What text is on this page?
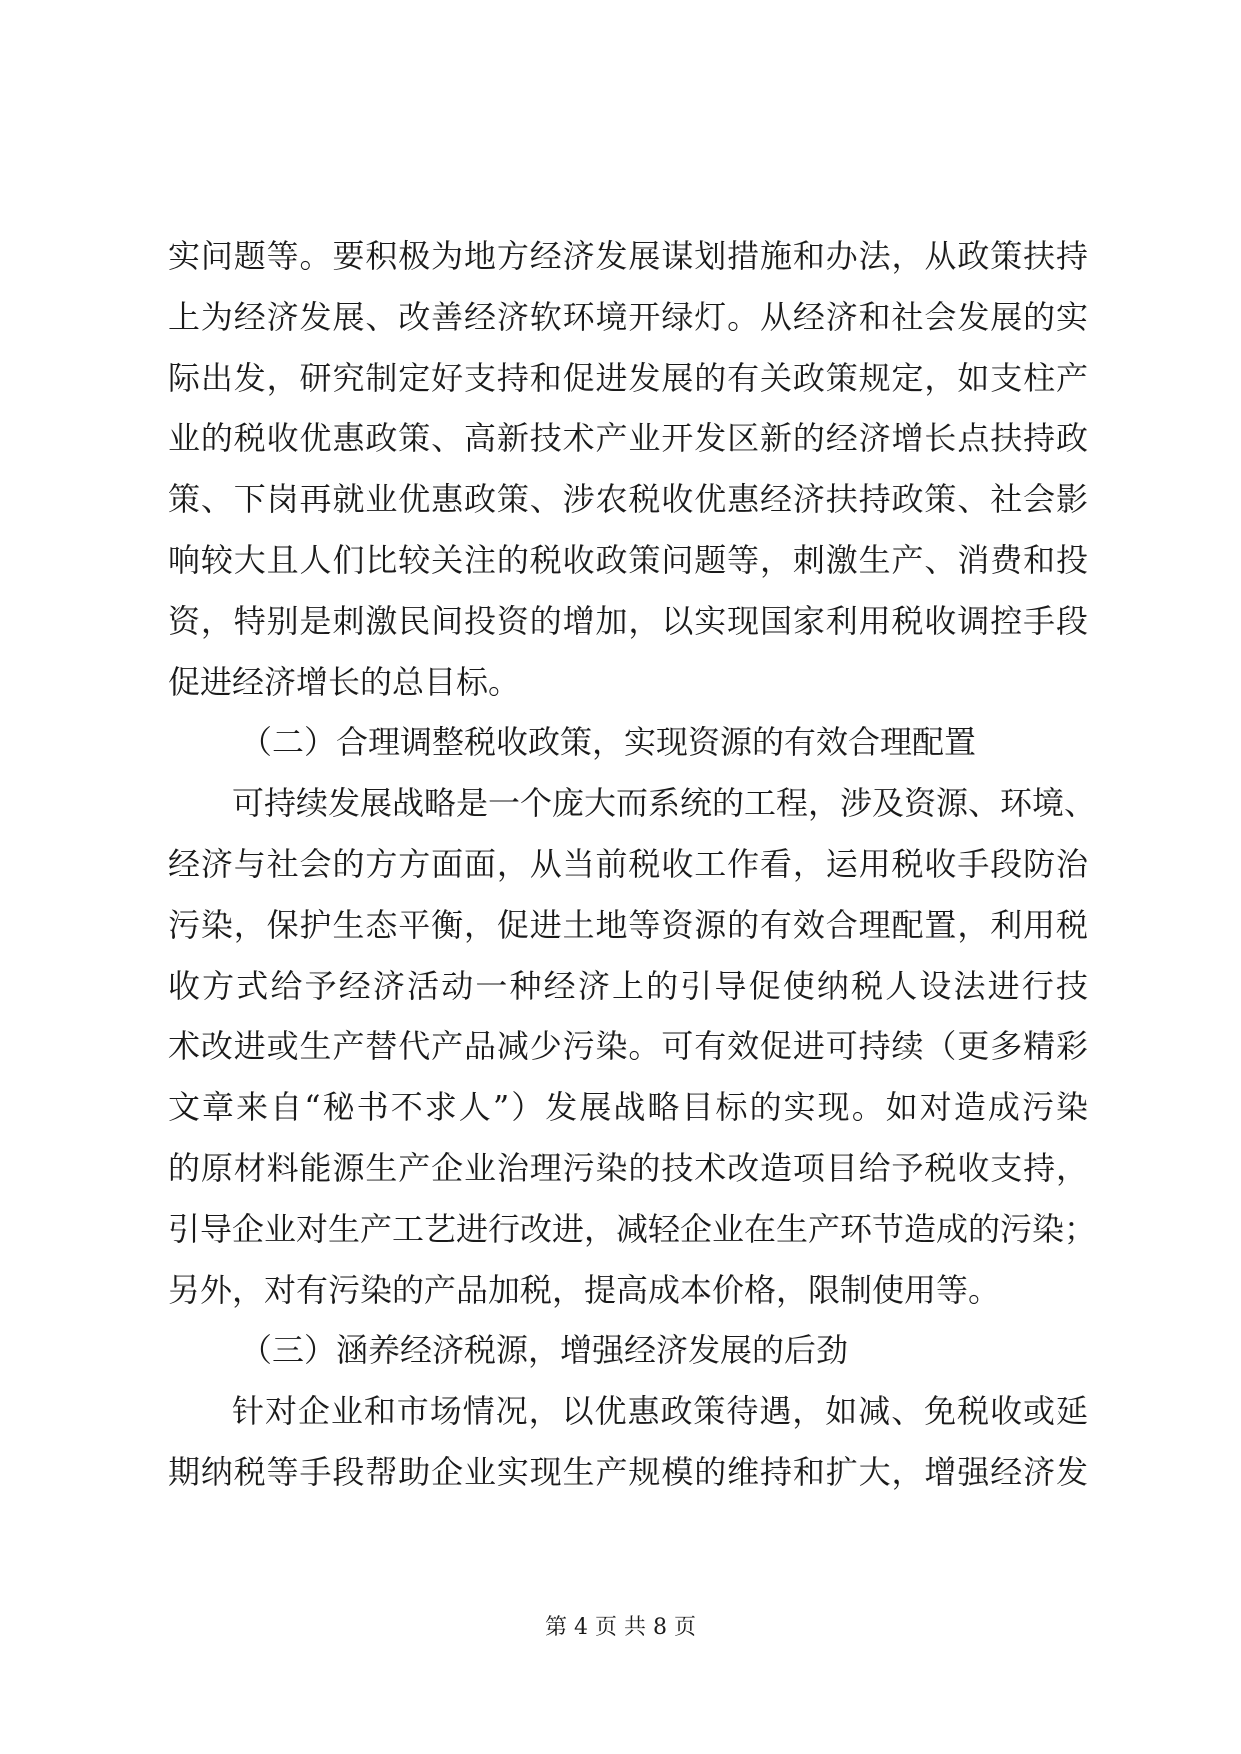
实问题等。要积极为地方经济发展谋划措施和办法，从政策扶持
上为经济发展、改善经济软环境开绿灯。从经济和社会发展的实
际出发，研究制定好支持和促进发展的有关政策规定，如支柱产
业的税收优惠政策、高新技术产业开发区新的经济增长点扶持政
策、下岗再就业优惠政策、涉农税收优惠经济扶持政策、社会影
响较大且人们比较关注的税收政策问题等，刺激生产、消费和投
资，特别是刺激民间投资的增加，以实现国家利用税收调控手段
促进经济增长的总目标。
（二）合理调整税收政策，实现资源的有效合理配置
可持续发展战略是一个庞大而系统的工程，涉及资源、环境、
经济与社会的方方面面，从当前税收工作看，运用税收手段防治
污染，保护生态平衡，促进土地等资源的有效合理配置，利用税
收方式给予经济活动一种经济上的引导促使纳税人设法进行技
术改进或生产替代产品减少污染。可有效促进可持续（更多精彩
文章来自“秘书不求人”）发展战略目标的实现。如对造成污染
的原材料能源生产企业治理污染的技术改造项目给予税收支持，
引导企业对生产工艺进行改进，减轻企业在生产环节造成的污染；
另外，对有污染的产品加税，提高成本价格，限制使用等。
（三）涵养经济税源，增强经济发展的后劲
针对企业和市场情况，以优惠政策待遇，如减、免税收或延
期纳税等手段帮助企业实现生产规模的维持和扩大，增强经济发
第 4 页 共 8 页
